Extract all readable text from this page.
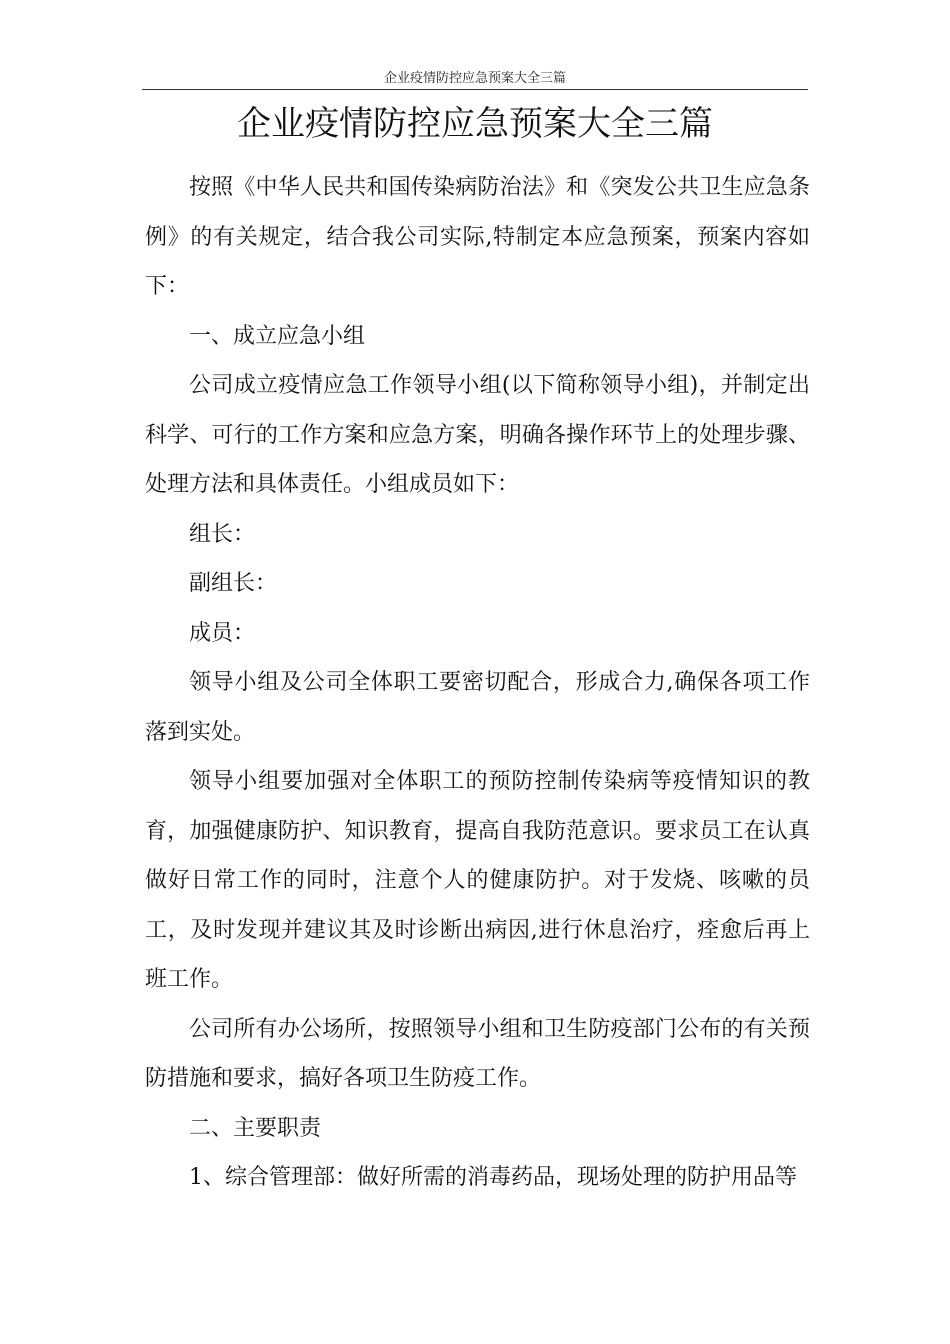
企业疫情防控应急预案大全三篇
企业疫情防控应急预案大全三篇

按照《中华人民共和国传染病防治法》和《突发公共卫生应急条例》的有关规定，结合我公司实际,特制定本应急预案，预案内容如下：

一、成立应急小组

公司成立疫情应急工作领导小组(以下简称领导小组)，并制定出科学、可行的工作方案和应急方案，明确各操作环节上的处理步骤、处理方法和具体责任。小组成员如下：

组长：

副组长：

成员：

领导小组及公司全体职工要密切配合，形成合力,确保各项工作落到实处。

领导小组要加强对全体职工的预防控制传染病等疫情知识的教育，加强健康防护、知识教育，提高自我防范意识。要求员工在认真做好日常工作的同时，注意个人的健康防护。对于发烧、咳嗽的员工，及时发现并建议其及时诊断出病因,进行休息治疗，痊愈后再上班工作。

公司所有办公场所，按照领导小组和卫生防疫部门公布的有关预防措施和要求，搞好各项卫生防疫工作。

二、主要职责

1、综合管理部：做好所需的消毒药品，现场处理的防护用品等
